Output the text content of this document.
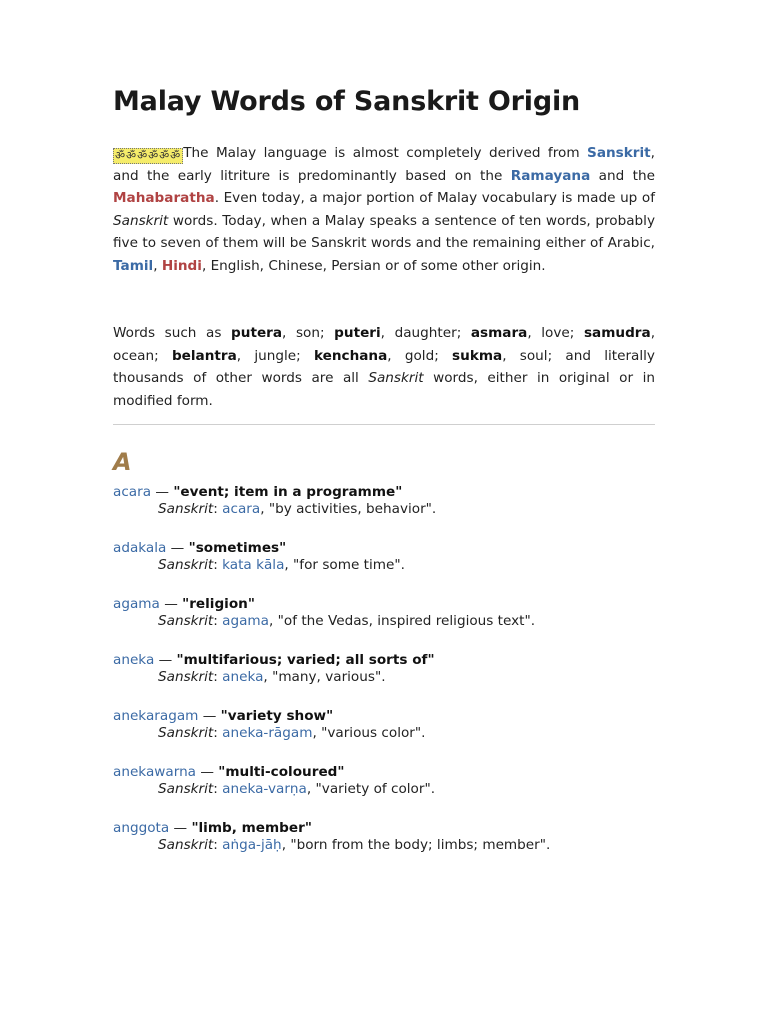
Malay Words of Sanskrit Origin

ॐॐॐॐॐॐ The Malay language is almost completely derived from Sanskrit, and the early litriture is predominantly based on the Ramayana and the Mahabaratha. Even today, a major portion of Malay vocabulary is made up of Sanskrit words. Today, when a Malay speaks a sentence of ten words, probably five to seven of them will be Sanskrit words and the remaining either of Arabic, Tamil, Hindi, English, Chinese, Persian or of some other origin.

Words such as putera, son; puteri, daughter; asmara, love; samudra, ocean; belantra, jungle; kenchana, gold; sukma, soul; and literally thousands of other words are all Sanskrit words, either in original or in modified form.

A
acara — "event; item in a programme"
Sanskrit: acara, "by activities, behavior".
adakala — "sometimes"
Sanskrit: kata kāla, "for some time".
agama — "religion"
Sanskrit: agama, "of the Vedas, inspired religious text".
aneka — "multifarious; varied; all sorts of"
Sanskrit: aneka, "many, various".
anekaragam — "variety show"
Sanskrit: aneka-rāgam, "various color".
anekawarna — "multi-coloured"
Sanskrit: aneka-varṇa, "variety of color".
anggota — "limb, member"
Sanskrit: aṅga-jāḥ, "born from the body; limbs; member".
